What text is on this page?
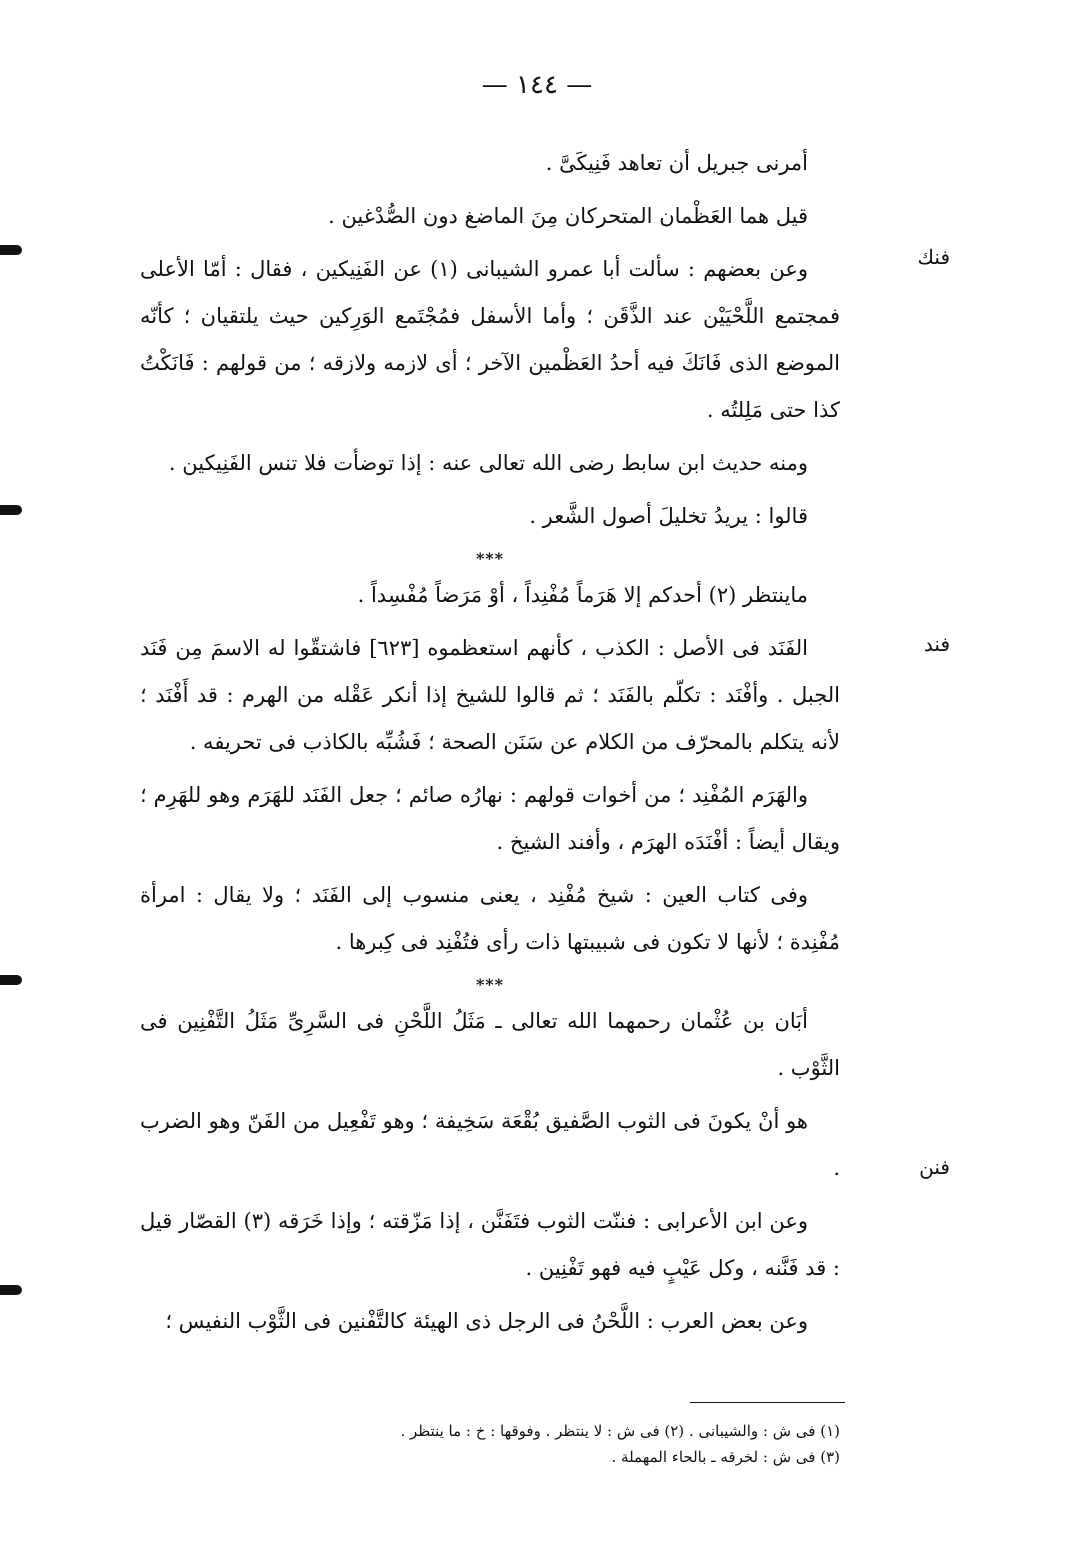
— ١٤٤ —
فنك
فند
فنن

أمرنى جبريل أن تعاهد فَنِيكَىَّ .

قيل هما العَظْمان المتحركان مِنَ الماضغ دون الصُّدْغين .

وعن بعضهم : سألت أبا عمرو الشيبانى (١) عن الفَنِيكين ، فقال : أمّا الأعلى فمجتمع اللَّحْيَيْن عند الذَّقَن ؛ وأما الأسفل فمُجْتَمع الوَرِكين حيث يلتقيان ؛ كأنّه الموضع الذى فَانَكَ فيه أحدُ العَظْمين الآخر ؛ أى لازمه ولازقه ؛ من قولهم : فَانَكْتُ كذا حتى مَلِلتُه .

ومنه حديث ابن سابط رضى الله تعالى عنه : إذا توضأت فلا تنس الفَنِيكين .

قالوا : يريدُ تخليلَ أصول الشَّعر .

***

ماينتظر (٢) أحدكم إلا هَرَماً مُفْنِداً ، أوْ مَرَضاً مُفْسِداً .

الفَنَد فى الأصل : الكذب ، كأنهم استعظموه [٦٢٣] فاشتقّوا له الاسمَ مِن فَنَد الجبل . وأفْنَد : تكلّم بالفَنَد ؛ ثم قالوا للشيخ إذا أنكر عَقْله من الهرم : قد أَفْنَد ؛ لأنه يتكلم بالمحرّف من الكلام عن سَنَن الصحة ؛ فَشُبِّه بالكاذب فى تحريفه .

والهَرَم المُفْنِد ؛ من أخوات قولهم : نهارُه صائم ؛ جعل الفَنَد للهَرَم وهو للهَرِم ؛ ويقال أيضاً : أفْنَدَه الهرَم ، وأفند الشيخ .

وفى كتاب العين : شيخ مُفْنِد ، يعنى منسوب إلى الفَنَد ؛ ولا يقال : امرأة مُفْنِدة ؛ لأنها لا تكون فى شبيبتها ذات رأى فتُفْنِد فى كِبرها .

***

أبَان بن عُثْمان رحمهما الله تعالى ـ مَثَلُ اللَّحْنِ فى السَّرِىِّ مَثَلُ التَّفْنِين فى الثَّوْب .

هو أنْ يكونَ فى الثوب الصَّفيق بُقْعَة سَخِيفة ؛ وهو تَفْعِيل من الفَنّ وهو الضرب .

وعن ابن الأعرابى : فننّت الثوب فتَفَنَّن ، إذا مَزّقته ؛ وإذا خَرَقه (٣) القصّار قيل : قد فَنَّنه ، وكل عَيْبٍ فيه فهو تَفْنِين .

وعن بعض العرب : اللَّحْنُ فى الرجل ذى الهيئة كالتَّفْنين فى الثَّوْب النفيس ؛

(١) فى ش : والشيبانى . (٢) فى ش : لا ينتظر . وفوقها : خ : ما ينتظر .

(٣) فى ش : لخرقه ـ بالحاء المهملة .
